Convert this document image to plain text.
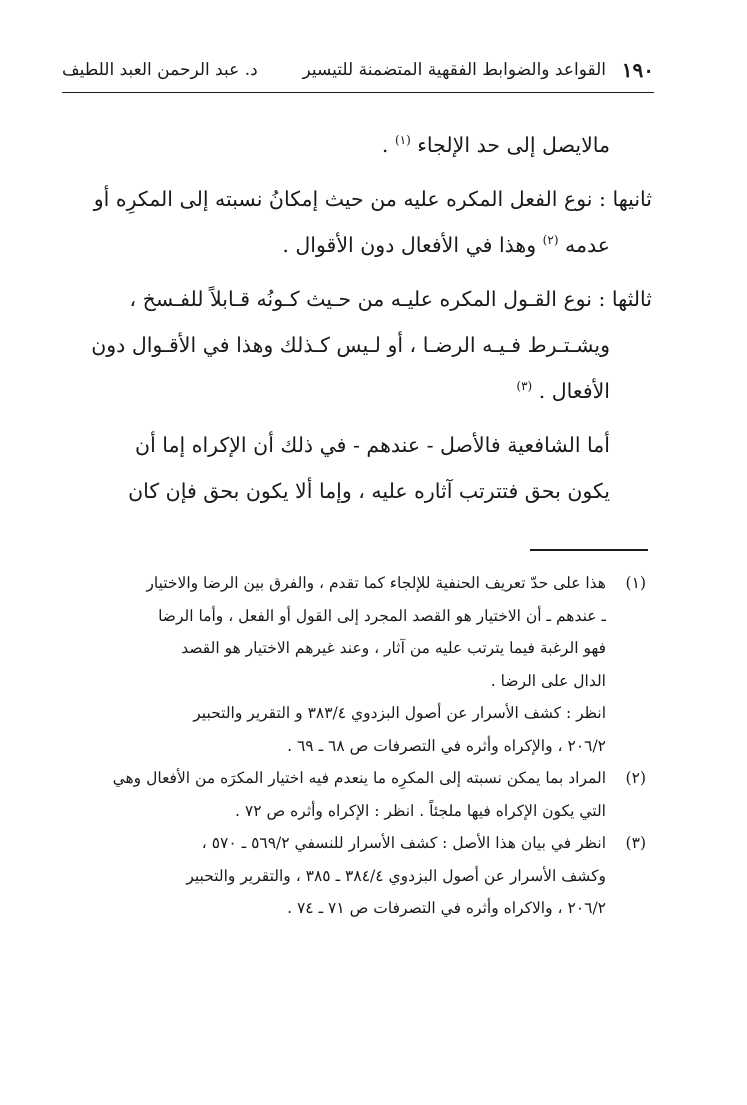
١٩٠
القواعد والضوابط الفقهية المتضمنة للتيسير
د. عبد الرحمن العبد اللطيف

مالايصل إلى حد الإلجاء $^{(١)}$ .

ثانيها : نوع الفعل المكره عليه من حيث إمكانُ نسبته إلى المكرِه أو
عدمه $^{(٢)}$ وهذا في الأفعال دون الأقوال .

ثالثها : نوع القـول المكره عليـه من حـيث كـونُه قـابلاً للفـسخ ،
ويشـتـرط فـيـه الرضـا ، أو لـيس كـذلك وهذا في الأقـوال دون
الأفعال . $^{(٣)}$

أما الشافعية فالأصل - عندهم - في ذلك أن الإكراه إما أن
يكون بحق فتترتب آثاره عليه ، وإما ألا يكون بحق فإن كان

(١)
هذا على حدّ تعريف الحنفية للإلجاء كما تقدم ، والفرق بين الرضا والاختيار
ـ عندهم ـ أن الاختيار هو القصد المجرد إلى القول أو الفعل ، وأما الرضا
فهو الرغبة فيما يترتب عليه من آثار ، وعند غيرهم الاختيار هو القصد
الدال على الرضا .
انظر : كشف الأسرار عن أصول البزدوي ٣٨٣/٤ و التقرير والتحبير
٢٠٦/٢ ، والإكراه وأثره في التصرفات ص ٦٨ ـ ٦٩ .
(٢)
المراد بما يمكن نسبته إلى المكرِه ما ينعدم فيه اختيار المكرَه من الأفعال وهي
التي يكون الإكراه فيها ملجئاً . انظر : الإكراه وأثره ص ٧٢ .
(٣)
انظر في بيان هذا الأصل : كشف الأسرار للنسفي ٥٦٩/٢ ـ ٥٧٠ ،
وكشف الأسرار عن أصول البزدوي ٣٨٤/٤ ـ ٣٨٥ ، والتقرير والتحبير
٢٠٦/٢ ، والاكراه وأثره في التصرفات ص ٧١ ـ ٧٤ .
